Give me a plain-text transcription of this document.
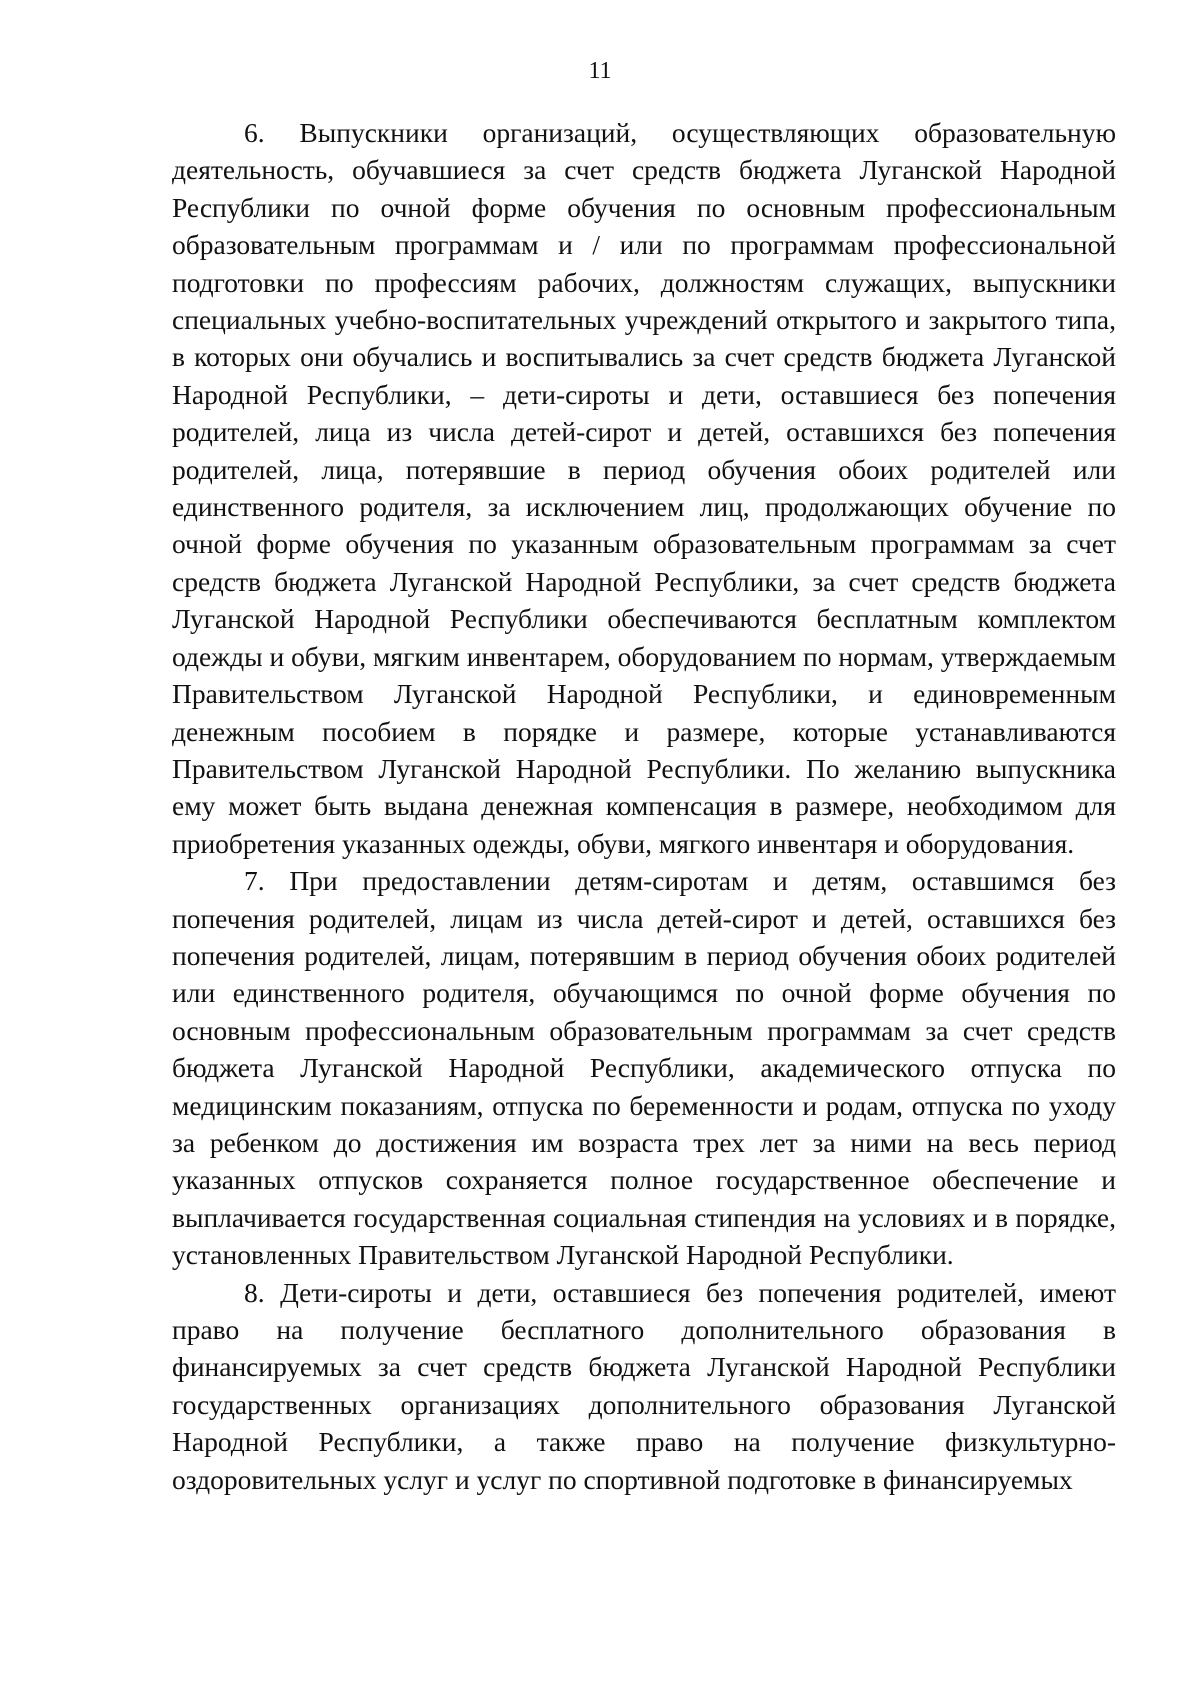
11

6. Выпускники организаций, осуществляющих образовательную деятельность, обучавшиеся за счет средств бюджета Луганской Народной Республики по очной форме обучения по основным профессиональным образовательным программам и / или по программам профессиональной подготовки по профессиям рабочих, должностям служащих, выпускники специальных учебно-воспитательных учреждений открытого и закрытого типа, в которых они обучались и воспитывались за счет средств бюджета Луганской Народной Республики, – дети-сироты и дети, оставшиеся без попечения родителей, лица из числа детей-сирот и детей, оставшихся без попечения родителей, лица, потерявшие в период обучения обоих родителей или единственного родителя, за исключением лиц, продолжающих обучение по очной форме обучения по указанным образовательным программам за счет средств бюджета Луганской Народной Республики, за счет средств бюджета Луганской Народной Республики обеспечиваются бесплатным комплектом одежды и обуви, мягким инвентарем, оборудованием по нормам, утверждаемым Правительством Луганской Народной Республики, и единовременным денежным пособием в порядке и размере, которые устанавливаются Правительством Луганской Народной Республики. По желанию выпускника ему может быть выдана денежная компенсация в размере, необходимом для приобретения указанных одежды, обуви, мягкого инвентаря и оборудования.

7. При предоставлении детям-сиротам и детям, оставшимся без попечения родителей, лицам из числа детей-сирот и детей, оставшихся без попечения родителей, лицам, потерявшим в период обучения обоих родителей или единственного родителя, обучающимся по очной форме обучения по основным профессиональным образовательным программам за счет средств бюджета Луганской Народной Республики, академического отпуска по медицинским показаниям, отпуска по беременности и родам, отпуска по уходу за ребенком до достижения им возраста трех лет за ними на весь период указанных отпусков сохраняется полное государственное обеспечение и выплачивается государственная социальная стипендия на условиях и в порядке, установленных Правительством Луганской Народной Республики.

8. Дети-сироты и дети, оставшиеся без попечения родителей, имеют право на получение бесплатного дополнительного образования в финансируемых за счет средств бюджета Луганской Народной Республики государственных организациях дополнительного образования Луганской Народной Республики, а также право на получение физкультурно-оздоровительных услуг и услуг по спортивной подготовке в финансируемых
